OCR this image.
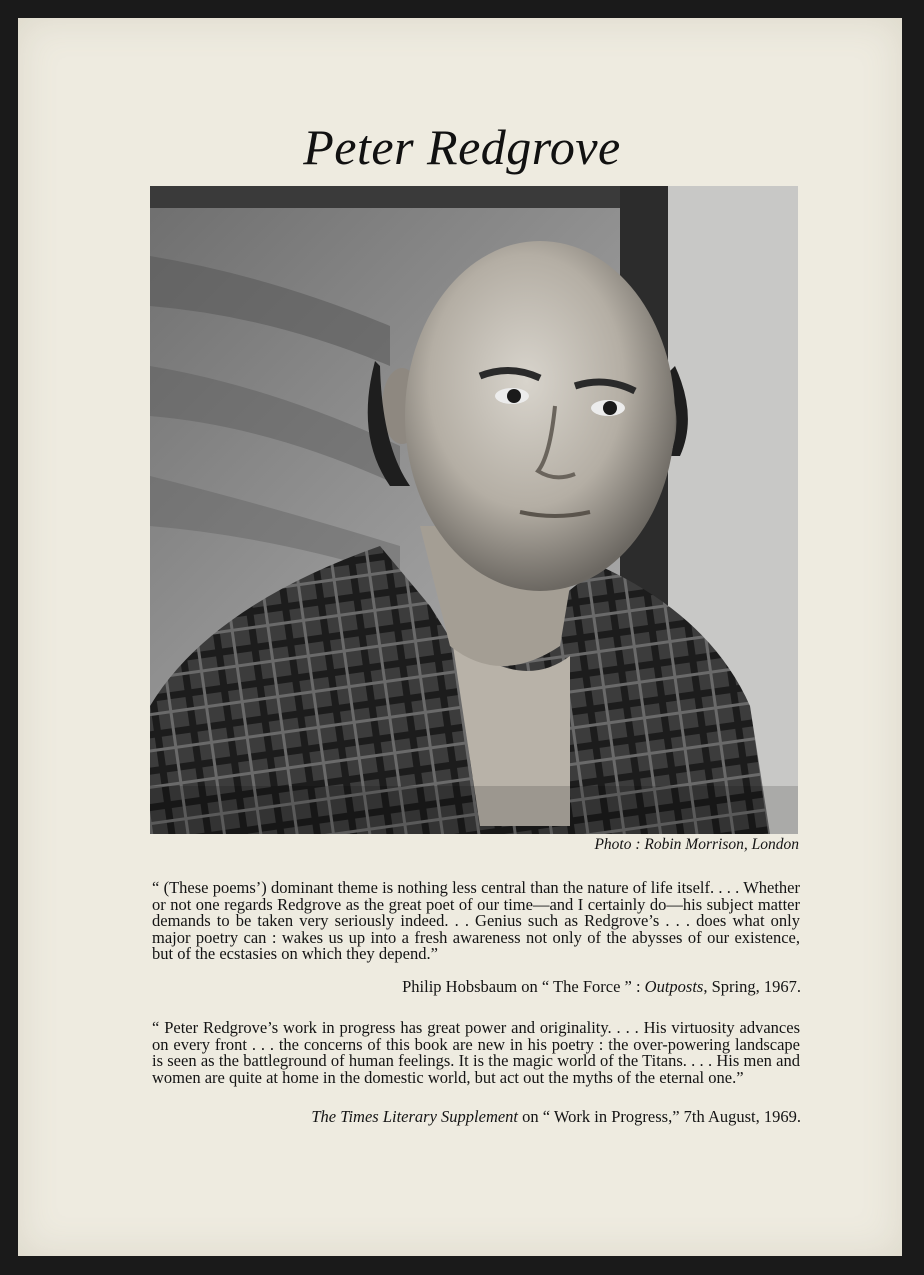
Peter Redgrove
Photo : Robin Morrison, London
“ (These poems’) dominant theme is nothing less central than the nature of life itself. . . . Whether or not one regards Redgrove as the great poet of our time—and I certainly do—his subject matter demands to be taken very seriously indeed. . . Genius such as Redgrove’s . . . does what only major poetry can : wakes us up into a fresh awareness not only of the abysses of our existence, but of the ecstasies on which they depend.”
Philip Hobsbaum on “ The Force ” : Outposts, Spring, 1967.
“ Peter Redgrove’s work in progress has great power and originality. . . . His virtuosity advances on every front . . . the concerns of this book are new in his poetry : the over-powering landscape is seen as the battleground of human feelings. It is the magic world of the Titans. . . . His men and women are quite at home in the domestic world, but act out the myths of the eternal one.”
The Times Literary Supplement on “ Work in Progress,” 7th August, 1969.
